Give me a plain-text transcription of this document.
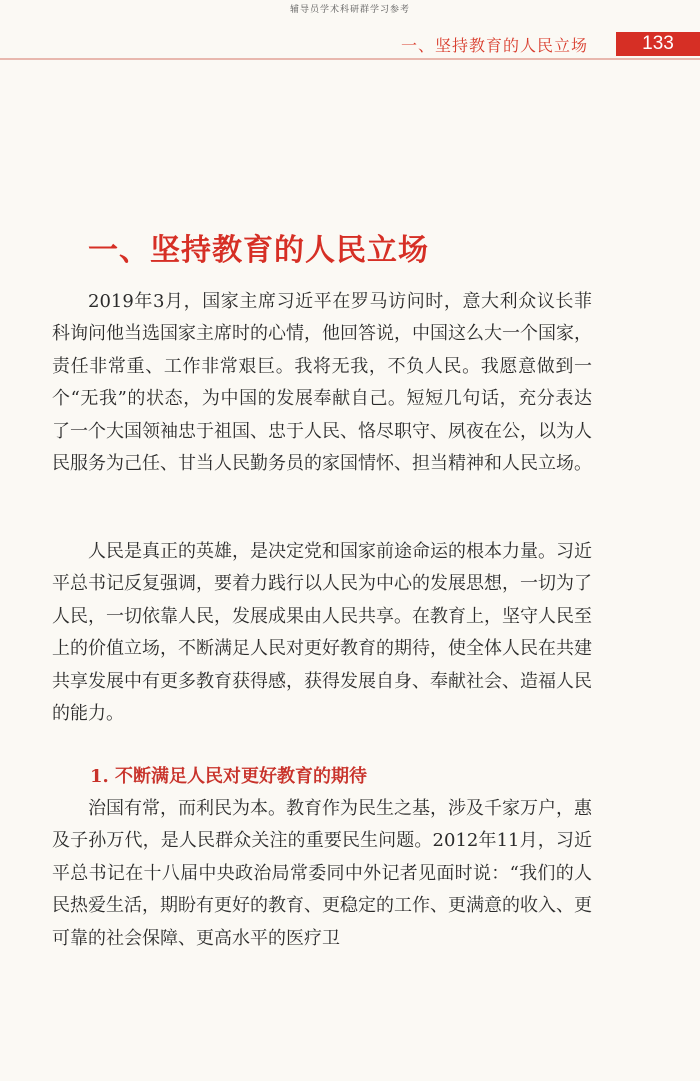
辅导员学术科研群学习参考
一、坚持教育的人民立场	133
一、坚持教育的人民立场

2019年3月，国家主席习近平在罗马访问时，意大利众议长菲科询问他当选国家主席时的心情，他回答说，中国这么大一个国家，责任非常重、工作非常艰巨。我将无我，不负人民。我愿意做到一个“无我”的状态，为中国的发展奉献自己。短短几句话，充分表达了一个大国领袖忠于祖国、忠于人民、恪尽职守、夙夜在公，以为人民服务为己任、甘当人民勤务员的家国情怀、担当精神和人民立场。

人民是真正的英雄，是决定党和国家前途命运的根本力量。习近平总书记反复强调，要着力践行以人民为中心的发展思想，一切为了人民，一切依靠人民，发展成果由人民共享。在教育上，坚守人民至上的价值立场，不断满足人民对更好教育的期待，使全体人民在共建共享发展中有更多教育获得感，获得发展自身、奉献社会、造福人民的能力。

1. 不断满足人民对更好教育的期待

治国有常，而利民为本。教育作为民生之基，涉及千家万户，惠及子孙万代，是人民群众关注的重要民生问题。2012年11月，习近平总书记在十八届中央政治局常委同中外记者见面时说：“我们的人民热爱生活，期盼有更好的教育、更稳定的工作、更满意的收入、更可靠的社会保障、更高水平的医疗卫
